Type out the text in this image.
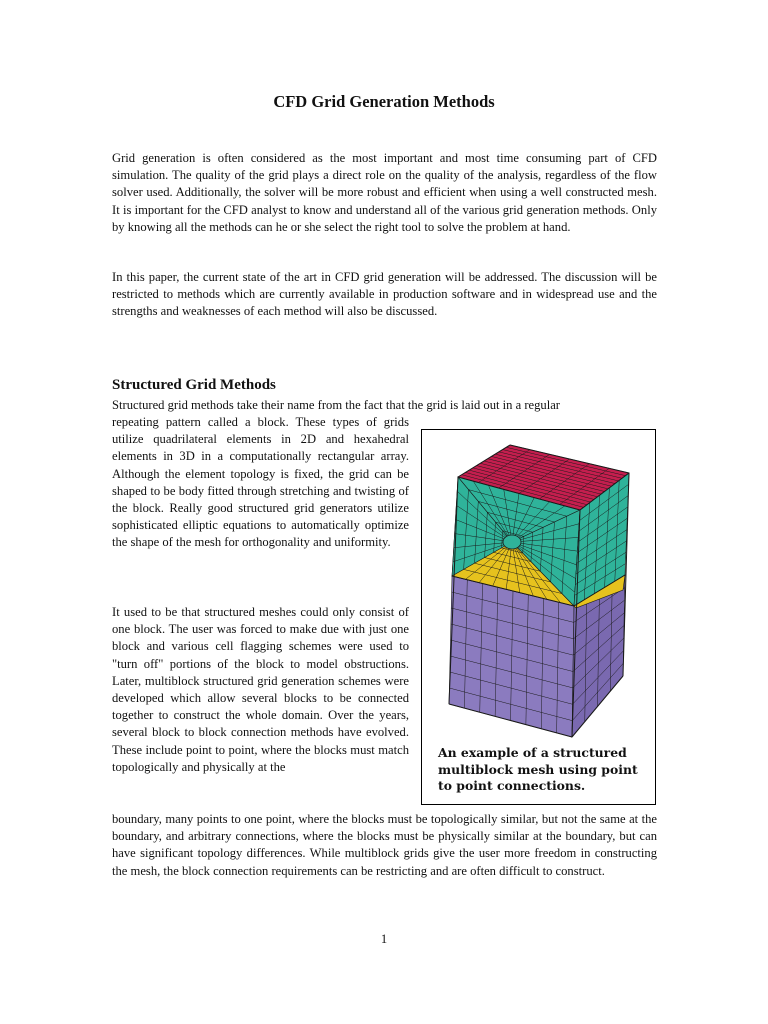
CFD Grid Generation Methods

Grid generation is often considered as the most important and most time consuming part of CFD simulation. The quality of the grid plays a direct role on the quality of the analysis, regardless of the flow solver used. Additionally, the solver will be more robust and efficient when using a well constructed mesh. It is important for the CFD analyst to know and understand all of the various grid generation methods. Only by knowing all the methods can he or she select the right tool to solve the problem at hand.

In this paper, the current state of the art in CFD grid generation will be addressed. The discussion will be restricted to methods which are currently available in production software and in widespread use and the strengths and weaknesses of each method will also be discussed.

Structured Grid Methods

Structured grid methods take their name from the fact that the grid is laid out in a regular

repeating pattern called a block. These types of grids utilize quadrilateral elements in 2D and hexahedral elements in 3D in a computationally rectangular array. Although the element topology is fixed, the grid can be shaped to be body fitted through stretching and twisting of the block. Really good structured grid generators utilize sophisticated elliptic equations to automatically optimize the shape of the mesh for orthogonality and uniformity.

It used to be that structured meshes could only consist of one block. The user was forced to make due with just one block and various cell flagging schemes were used to "turn off" portions of the block to model obstructions. Later, multiblock structured grid generation schemes were developed which allow several blocks to be connected together to construct the whole domain. Over the years, several block to block connection methods have evolved. These include point to point, where the blocks must match topologically and physically at the

boundary, many points to one point, where the blocks must be topologically similar, but not the same at the boundary, and arbitrary connections, where the blocks must be physically similar at the boundary, but can have significant topology differences. While multiblock grids give the user more freedom in constructing the mesh, the block connection requirements can be restricting and are often difficult to construct.

An example of a structured multiblock mesh using point to point connections.

1
